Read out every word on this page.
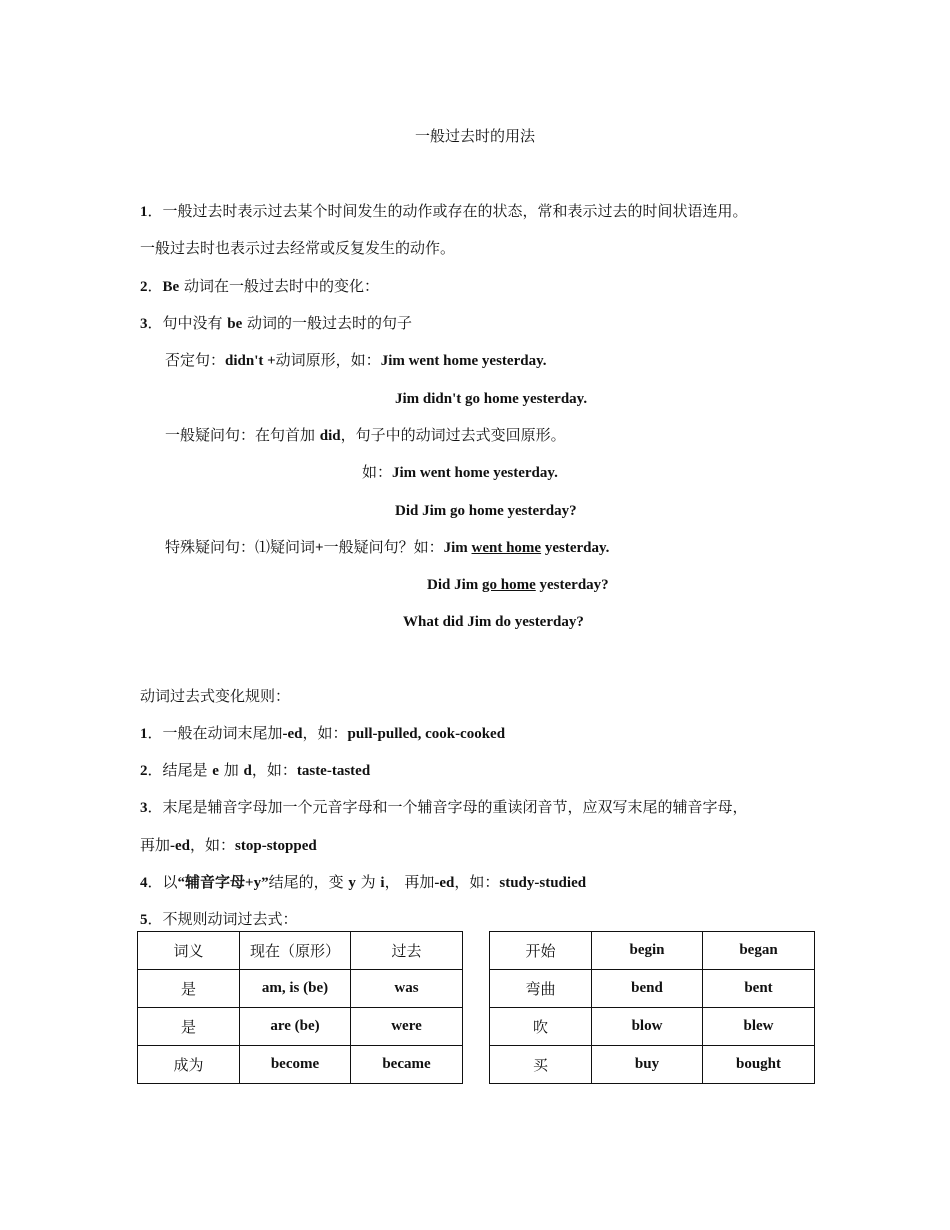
一般过去时的用法
1．一般过去时表示过去某个时间发生的动作或存在的状态，常和表示过去的时间状语连用。
一般过去时也表示过去经常或反复发生的动作。
2．Be 动词在一般过去时中的变化：
3．句中没有 be 动词的一般过去时的句子
否定句：didn't +动词原形，如：Jim went home yesterday.
Jim didn't go home yesterday.
一般疑问句：在句首加 did，句子中的动词过去式变回原形。
如：Jim went home yesterday.
Did Jim go home yesterday?
特殊疑问句：⑴疑问词+一般疑问句？如：Jim went home yesterday.
Did Jim go home yesterday?
What did Jim do yesterday?
动词过去式变化规则：
1．一般在动词末尾加-ed，如：pull-pulled, cook-cooked
2．结尾是 e 加 d，如：taste-tasted
3．末尾是辅音字母加一个元音字母和一个辅音字母的重读闭音节，应双写末尾的辅音字母，
再加-ed，如：stop-stopped
4．以“辅音字母+y”结尾的，变 y 为 i， 再加-ed，如：study-studied
5．不规则动词过去式：
词义	现在（原形）	过去
是	am, is (be)	was
是	are (be)	were
成为	become	became
开始	begin	began
弯曲	bend	bent
吹	blow	blew
买	buy	bought
